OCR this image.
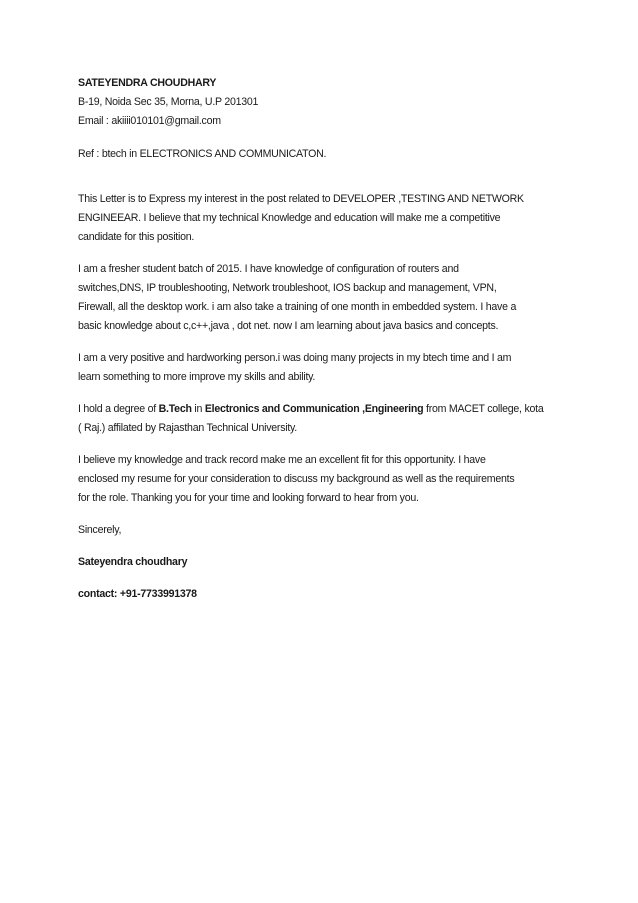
SATEYENDRA CHOUDHARY
B-19, Noida Sec 35, Morna, U.P 201301
Email : akiiii010101@gmail.com

Ref : btech in ELECTRONICS AND COMMUNICATON.

This Letter is to Express my interest in the post related to DEVELOPER ,TESTING AND NETWORK
ENGINEEAR. I believe that my technical Knowledge and education will make me a competitive
candidate for this position.

I am a fresher student batch of 2015. I have knowledge of configuration of routers and
switches,DNS, IP troubleshooting, Network troubleshoot, IOS backup and management, VPN,
Firewall, all the desktop work. i am also take a training of one month in embedded system. I have a
basic knowledge about c,c++,java , dot net. now I am learning about java basics and concepts.

I am a very positive and hardworking person.i was doing many projects in my btech time and I am
learn something to more improve my skills and ability.

I hold a degree of B.Tech in Electronics and Communication ,Engineering from MACET college, kota
( Raj.) affilated by Rajasthan Technical University.

I believe my knowledge and track record make me an excellent fit for this opportunity. I have
enclosed my resume for your consideration to discuss my background as well as the requirements
for the role. Thanking you for your time and looking forward to hear from you.

Sincerely,

Sateyendra choudhary

contact: +91-7733991378
